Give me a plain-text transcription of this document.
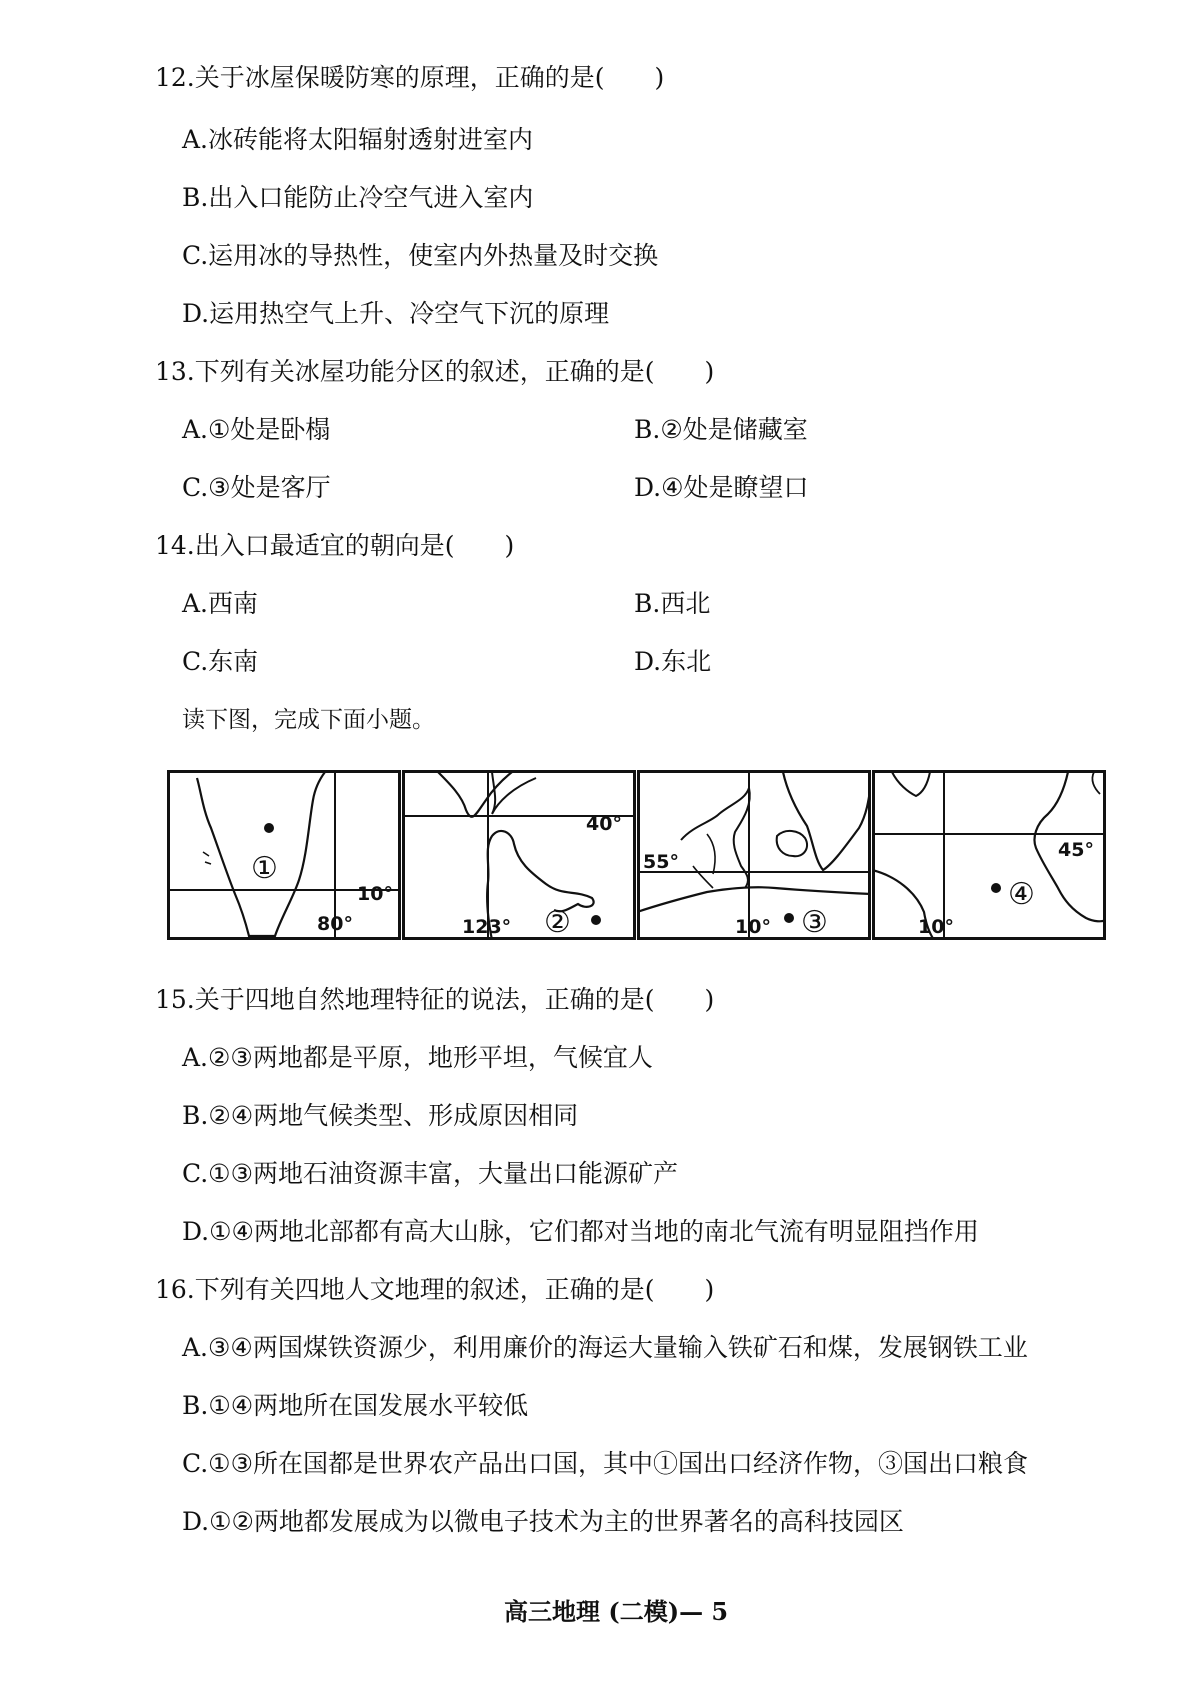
12.关于冰屋保暖防寒的原理，正确的是(　　)

A.冰砖能将太阳辐射透射进室内

B.出入口能防止冷空气进入室内

C.运用冰的导热性，使室内外热量及时交换

D.运用热空气上升、冷空气下沉的原理

13.下列有关冰屋功能分区的叙述，正确的是(　　)

A.①处是卧榻	B.②处是储藏室

C.③处是客厅	D.④处是瞭望口

14.出入口最适宜的朝向是(　　)

A.西南	B.西北

C.东南	D.东北

读下图，完成下面小题。

①
10°
80°	②
40°
123°	③
55°
10°
④
45°
10°

15.关于四地自然地理特征的说法，正确的是(　　)

A.②③两地都是平原，地形平坦，气候宜人

B.②④两地气候类型、形成原因相同

C.①③两地石油资源丰富，大量出口能源矿产

D.①④两地北部都有高大山脉，它们都对当地的南北气流有明显阻挡作用

16.下列有关四地人文地理的叙述，正确的是(　　)

A.③④两国煤铁资源少，利用廉价的海运大量输入铁矿石和煤，发展钢铁工业

B.①④两地所在国发展水平较低

C.①③所在国都是世界农产品出口国，其中①国出口经济作物，③国出口粮食

D.①②两地都发展成为以微电子技术为主的世界著名的高科技园区

高三地理 (二模)— 5
